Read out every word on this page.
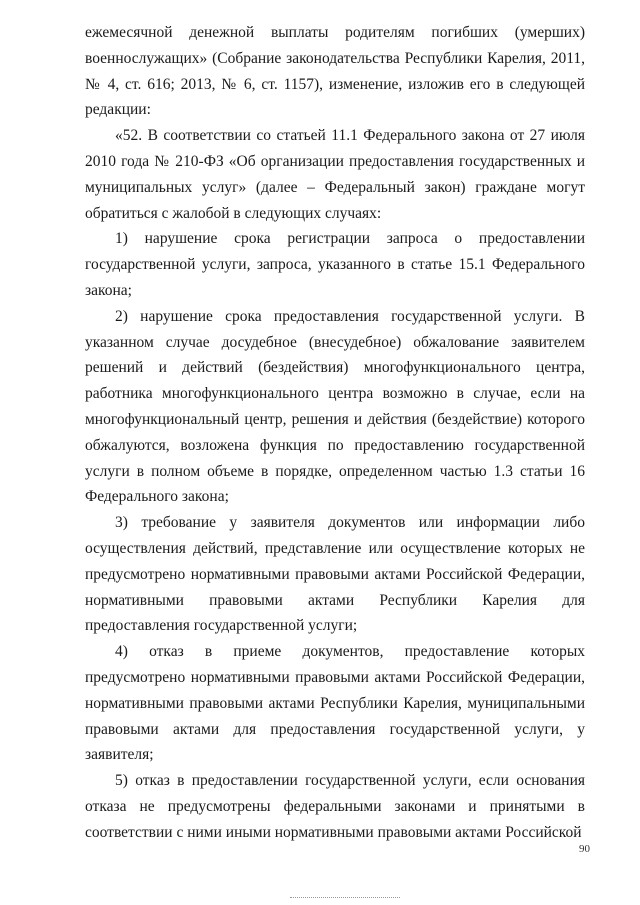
ежемесячной денежной выплаты родителям погибших (умерших) военнослужащих» (Собрание законодательства Республики Карелия, 2011, № 4, ст. 616; 2013, № 6, ст. 1157), изменение, изложив его в следующей редакции:

«52. В соответствии со статьей 11.1 Федерального закона от 27 июля 2010 года № 210-ФЗ «Об организации предоставления государственных и муниципальных услуг» (далее – Федеральный закон) граждане могут обратиться с жалобой в следующих случаях:

1) нарушение срока регистрации запроса о предоставлении государственной услуги, запроса, указанного в статье 15.1 Федерального закона;

2) нарушение срока предоставления государственной услуги. В указанном случае досудебное (внесудебное) обжалование заявителем решений и действий (бездействия) многофункционального центра, работника многофункционального центра возможно в случае, если на многофункциональный центр, решения и действия (бездействие) которого обжалуются, возложена функция по предоставлению государственной услуги в полном объеме в порядке, определенном частью 1.3 статьи 16 Федерального закона;

3) требование у заявителя документов или информации либо осуществления действий, представление или осуществление которых не предусмотрено нормативными правовыми актами Российской Федерации, нормативными правовыми актами Республики Карелия для предоставления государственной услуги;

4) отказ в приеме документов, предоставление которых предусмотрено нормативными правовыми актами Российской Федерации, нормативными правовыми актами Республики Карелия, муниципальными правовыми актами для предоставления государственной услуги, у заявителя;

5) отказ в предоставлении государственной услуги, если основания отказа не предусмотрены федеральными законами и принятыми в соответствии с ними иными нормативными правовыми актами Российской

90
